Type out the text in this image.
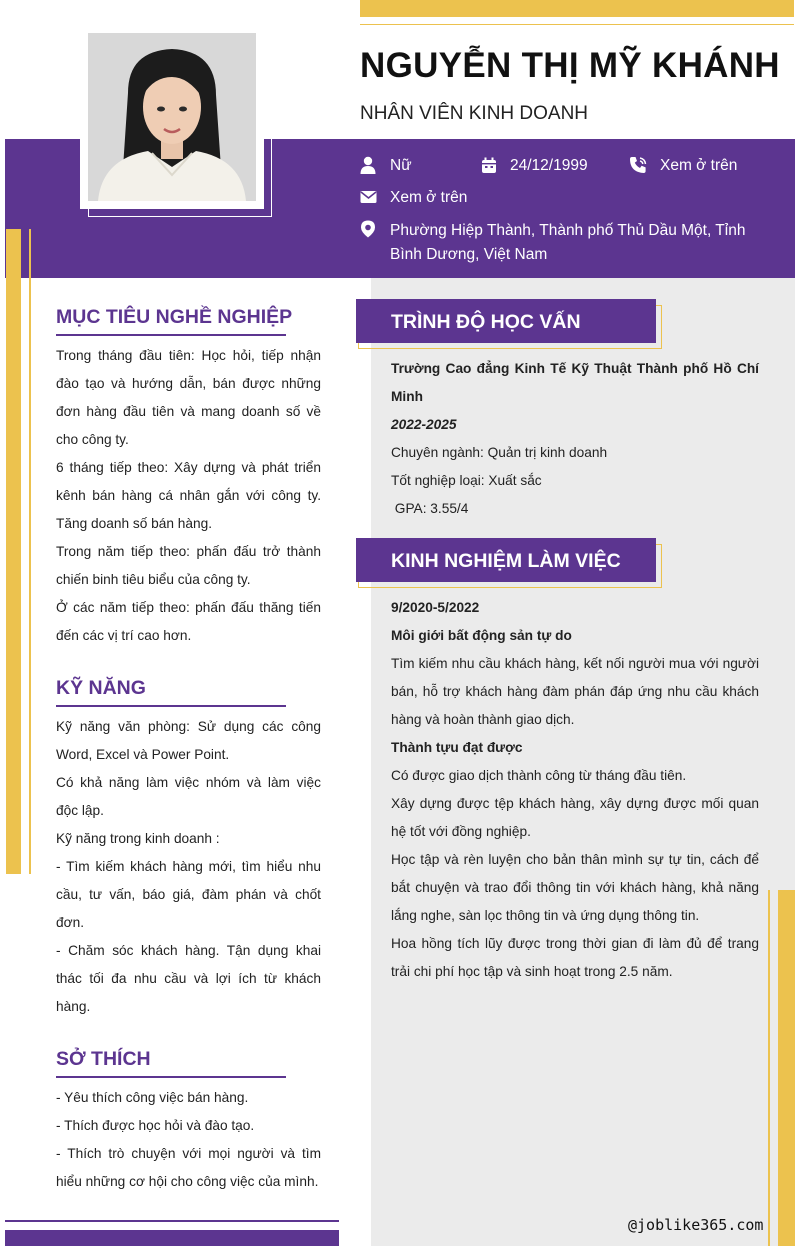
NGUYỄN THỊ MỸ KHÁNH
NHÂN VIÊN KINH DOANH
Nữ	24/12/1999	Xem ở trên
Xem ở trên
Phường Hiệp Thành, Thành phố Thủ Dầu Một, Tỉnh Bình Dương, Việt Nam
MỤC TIÊU NGHỀ NGHIỆP
Trong tháng đầu tiên: Học hỏi, tiếp nhận đào tạo và hướng dẫn, bán được những đơn hàng đầu tiên và mang doanh số về cho công ty.
6 tháng tiếp theo: Xây dựng và phát triển kênh bán hàng cá nhân gắn với công ty. Tăng doanh số bán hàng.
Trong năm tiếp theo: phấn đấu trở thành chiến binh tiêu biểu của công ty.
Ở các năm tiếp theo: phấn đấu thăng tiến đến các vị trí cao hơn.
KỸ NĂNG
Kỹ năng văn phòng: Sử dụng các công Word, Excel và Power Point.
Có khả năng làm việc nhóm và làm việc độc lập.
Kỹ năng trong kinh doanh :
- Tìm kiếm khách hàng mới, tìm hiểu nhu cầu, tư vấn, báo giá, đàm phán và chốt đơn.
- Chăm sóc khách hàng. Tận dụng khai thác tối đa nhu cầu và lợi ích từ khách hàng.
SỞ THÍCH
- Yêu thích công việc bán hàng.
- Thích được học hỏi và đào tạo.
- Thích trò chuyện với mọi người và tìm hiểu những cơ hội cho công việc của mình.
TRÌNH ĐỘ HỌC VẤN
Trường Cao đẳng Kinh Tế Kỹ Thuật Thành phố Hồ Chí Minh
2022-2025
Chuyên ngành: Quản trị kinh doanh
Tốt nghiệp loại: Xuất sắc
GPA: 3.55/4
KINH NGHIỆM LÀM VIỆC
9/2020-5/2022
Môi giới bất động sản tự do
Tìm kiếm nhu cầu khách hàng, kết nối người mua với người bán, hỗ trợ khách hàng đàm phán đáp ứng nhu cầu khách hàng và hoàn thành giao dịch.
Thành tựu đạt được
Có được giao dịch thành công từ tháng đầu tiên.
Xây dựng được tệp khách hàng, xây dựng được mối quan hệ tốt với đồng nghiệp.
Học tập và rèn luyện cho bản thân mình sự tự tin, cách để bắt chuyện và trao đổi thông tin với khách hàng, khả năng lắng nghe, sàn lọc thông tin và ứng dụng thông tin.
Hoa hồng tích lũy được trong thời gian đi làm đủ để trang trải chi phí học tập và sinh hoạt trong 2.5 năm.
@joblike365.com
